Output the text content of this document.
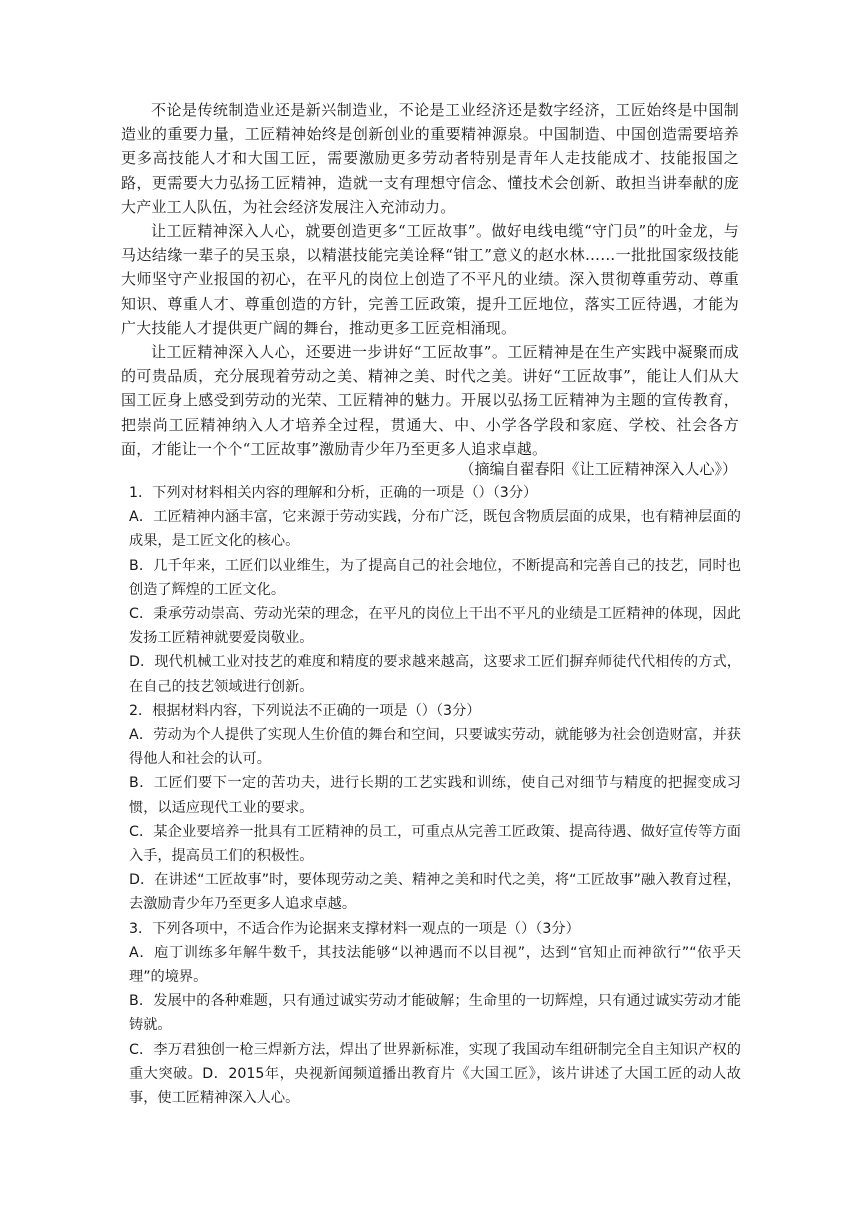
不论是传统制造业还是新兴制造业，不论是工业经济还是数字经济，工匠始终是中国制造业的重要力量，工匠精神始终是创新创业的重要精神源泉。中国制造、中国创造需要培养更多高技能人才和大国工匠，需要激励更多劳动者特别是青年人走技能成才、技能报国之路，更需要大力弘扬工匠精神，造就一支有理想守信念、懂技术会创新、敢担当讲奉献的庞大产业工人队伍，为社会经济发展注入充沛动力。

让工匠精神深入人心，就要创造更多“工匠故事”。做好电线电缆“守门员”的叶金龙，与马达结缘一辈子的吴玉泉，以精湛技能完美诠释“钳工”意义的赵水林……一批批国家级技能大师坚守产业报国的初心，在平凡的岗位上创造了不平凡的业绩。深入贯彻尊重劳动、尊重知识、尊重人才、尊重创造的方针，完善工匠政策，提升工匠地位，落实工匠待遇，才能为广大技能人才提供更广阔的舞台，推动更多工匠竞相涌现。

让工匠精神深入人心，还要进一步讲好“工匠故事”。工匠精神是在生产实践中凝聚而成的可贵品质，充分展现着劳动之美、精神之美、时代之美。讲好“工匠故事”，能让人们从大国工匠身上感受到劳动的光荣、工匠精神的魅力。开展以弘扬工匠精神为主题的宣传教育，把崇尚工匠精神纳入人才培养全过程，贯通大、中、小学各学段和家庭、学校、社会各方面，才能让一个个“工匠故事”激励青少年乃至更多人追求卓越。

（摘编自翟春阳《让工匠精神深入人心》）

1．下列对材料相关内容的理解和分析，正确的一项是（）（3分）

A．工匠精神内涵丰富，它来源于劳动实践，分布广泛，既包含物质层面的成果，也有精神层面的成果，是工匠文化的核心。

B．几千年来，工匠们以业维生，为了提高自己的社会地位，不断提高和完善自己的技艺，同时也创造了辉煌的工匠文化。

C．秉承劳动崇高、劳动光荣的理念，在平凡的岗位上干出不平凡的业绩是工匠精神的体现，因此发扬工匠精神就要爱岗敬业。

D．现代机械工业对技艺的难度和精度的要求越来越高，这要求工匠们摒弃师徒代代相传的方式，在自己的技艺领域进行创新。

2．根据材料内容，下列说法不正确的一项是（）（3分）

A．劳动为个人提供了实现人生价值的舞台和空间，只要诚实劳动，就能够为社会创造财富，并获得他人和社会的认可。

B．工匠们要下一定的苦功夫，进行长期的工艺实践和训练，使自己对细节与精度的把握变成习惯，以适应现代工业的要求。

C．某企业要培养一批具有工匠精神的员工，可重点从完善工匠政策、提高待遇、做好宣传等方面入手，提高员工们的积极性。

D．在讲述“工匠故事”时，要体现劳动之美、精神之美和时代之美，将“工匠故事”融入教育过程，去激励青少年乃至更多人追求卓越。

3．下列各项中，不适合作为论据来支撑材料一观点的一项是（）（3分）

A．庖丁训练多年解牛数千，其技法能够“以神遇而不以目视”，达到“官知止而神欲行”“依乎天理”的境界。

B．发展中的各种难题，只有通过诚实劳动才能破解；生命里的一切辉煌，只有通过诚实劳动才能铸就。

C．李万君独创一枪三焊新方法，焊出了世界新标准，实现了我国动车组研制完全自主知识产权的重大突破。D．2015年，央视新闻频道播出教育片《大国工匠》，该片讲述了大国工匠的动人故事，使工匠精神深入人心。
